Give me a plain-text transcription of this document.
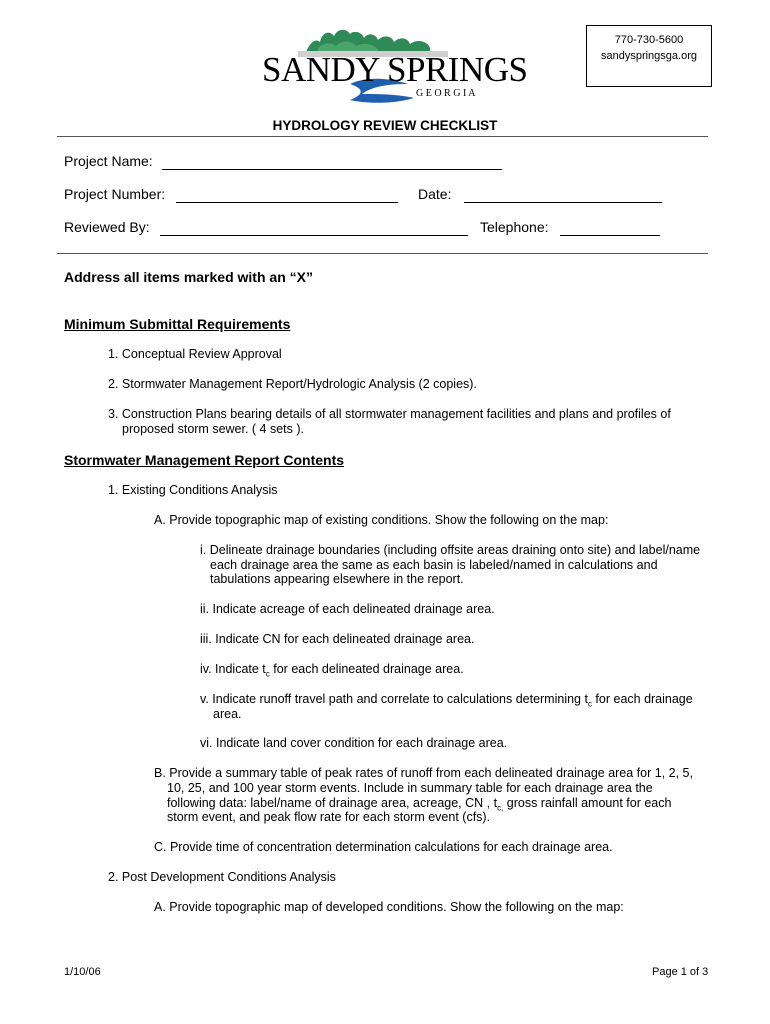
SANDY SPRINGS
G E O R G I A
770-730-5600
sandyspringsga.org
HYDROLOGY REVIEW CHECKLIST
Project Name:
Project Number:	Date:
Reviewed By:	Telephone:
Address all items marked with an “X”
Minimum Submittal Requirements
1. Conceptual Review Approval
2. Stormwater Management Report/Hydrologic Analysis (2 copies).
3. Construction Plans bearing details of all stormwater management facilities and plans and profiles of
proposed storm sewer. ( 4 sets ).
Stormwater Management Report Contents
1. Existing Conditions Analysis
A. Provide topographic map of existing conditions. Show the following on the map:
i. Delineate drainage boundaries (including offsite areas draining onto site) and label/name
each drainage area the same as each basin is labeled/named in calculations and
tabulations appearing elsewhere in the report.
ii. Indicate acreage of each delineated drainage area.
iii. Indicate CN for each delineated drainage area.
iv. Indicate $t_c$ for each delineated drainage area.
v. Indicate runoff travel path and correlate to calculations determining $t_c$ for each drainage
area.
vi. Indicate land cover condition for each drainage area.
B. Provide a summary table of peak rates of runoff from each delineated drainage area for 1, 2, 5,
10, 25, and 100 year storm events. Include in summary table for each drainage area the
following data: label/name of drainage area, acreage, CN , $t_{c,}$ gross rainfall amount for each
storm event, and peak flow rate for each storm event (cfs).
C. Provide time of concentration determination calculations for each drainage area.
2. Post Development Conditions Analysis
A. Provide topographic map of developed conditions. Show the following on the map:
1/10/06	Page 1 of 3
